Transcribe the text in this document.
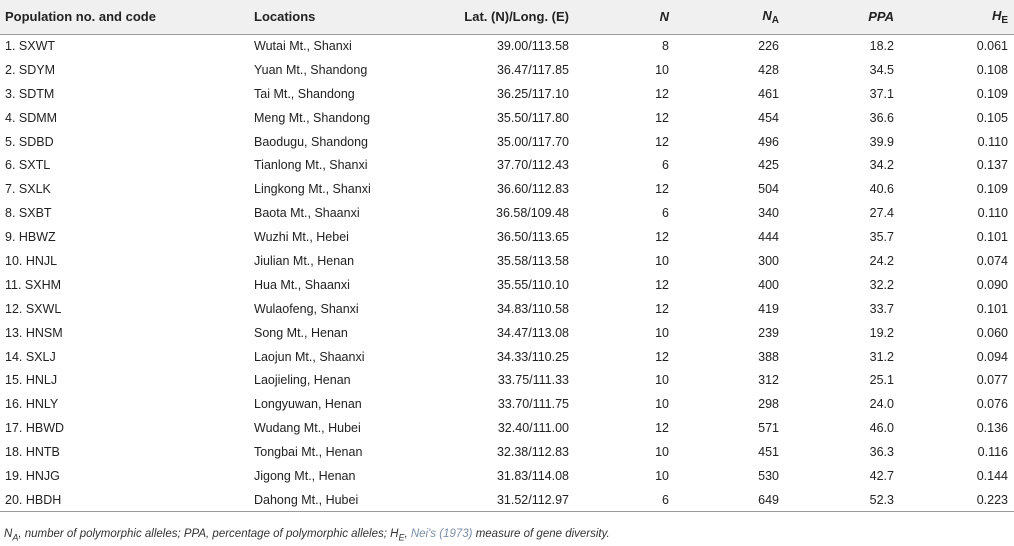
Population no. and code	Locations	Lat. (N)/Long. (E)	N	$N_A$	PPA	$H_E$
1. SXWT	Wutai Mt., Shanxi	39.00/113.58	8	226	18.2	0.061
2. SDYM	Yuan Mt., Shandong	36.47/117.85	10	428	34.5	0.108
3. SDTM	Tai Mt., Shandong	36.25/117.10	12	461	37.1	0.109
4. SDMM	Meng Mt., Shandong	35.50/117.80	12	454	36.6	0.105
5. SDBD	Baodugu, Shandong	35.00/117.70	12	496	39.9	0.110
6. SXTL	Tianlong Mt., Shanxi	37.70/112.43	6	425	34.2	0.137
7. SXLK	Lingkong Mt., Shanxi	36.60/112.83	12	504	40.6	0.109
8. SXBT	Baota Mt., Shaanxi	36.58/109.48	6	340	27.4	0.110
9. HBWZ	Wuzhi Mt., Hebei	36.50/113.65	12	444	35.7	0.101
10. HNJL	Jiulian Mt., Henan	35.58/113.58	10	300	24.2	0.074
11. SXHM	Hua Mt., Shaanxi	35.55/110.10	12	400	32.2	0.090
12. SXWL	Wulaofeng, Shanxi	34.83/110.58	12	419	33.7	0.101
13. HNSM	Song Mt., Henan	34.47/113.08	10	239	19.2	0.060
14. SXLJ	Laojun Mt., Shaanxi	34.33/110.25	12	388	31.2	0.094
15. HNLJ	Laojieling, Henan	33.75/111.33	10	312	25.1	0.077
16. HNLY	Longyuwan, Henan	33.70/111.75	10	298	24.0	0.076
17. HBWD	Wudang Mt., Hubei	32.40/111.00	12	571	46.0	0.136
18. HNTB	Tongbai Mt., Henan	32.38/112.83	10	451	36.3	0.116
19. HNJG	Jigong Mt., Henan	31.83/114.08	10	530	42.7	0.144
20. HBDH	Dahong Mt., Hubei	31.52/112.97	6	649	52.3	0.223
$N_A$, number of polymorphic alleles; PPA, percentage of polymorphic alleles; $H_E$, Nei's (1973) measure of gene diversity.
